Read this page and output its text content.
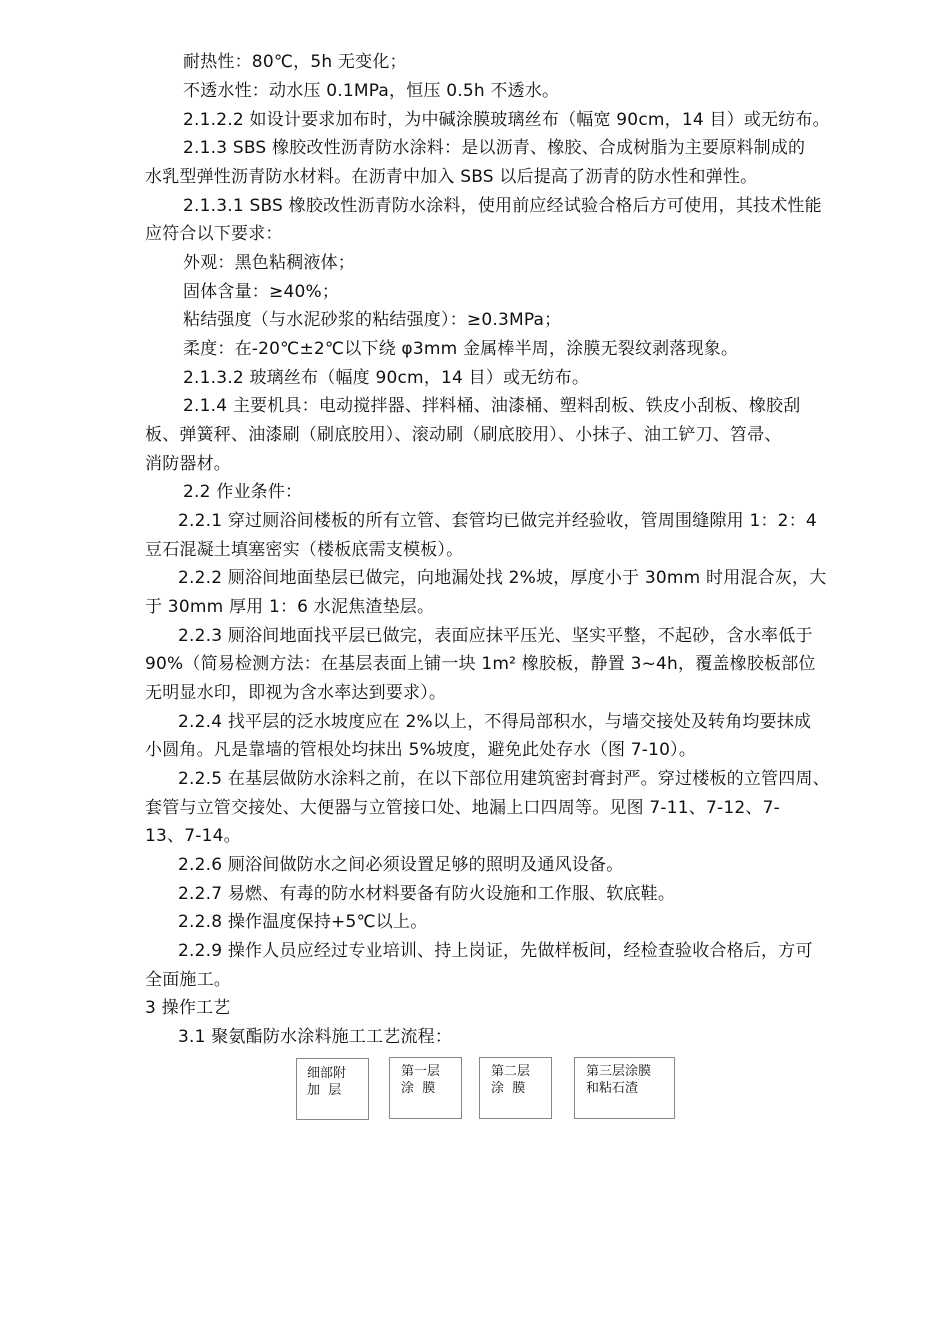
耐热性：80℃，5h 无变化；
不透水性：动水压 0.1MPa，恒压 0.5h 不透水。
2.1.2.2 如设计要求加布时，为中碱涂膜玻璃丝布（幅宽 90cm，14 目）或无纺布。
2.1.3 SBS 橡胶改性沥青防水涂料：是以沥青、橡胶、合成树脂为主要原料制成的
水乳型弹性沥青防水材料。在沥青中加入 SBS 以后提高了沥青的防水性和弹性。
2.1.3.1 SBS 橡胶改性沥青防水涂料，使用前应经试验合格后方可使用，其技术性能
应符合以下要求：
外观：黑色粘稠液体；
固体含量：≥40%；
粘结强度（与水泥砂浆的粘结强度）：≥0.3MPa；
柔度：在-20℃±2℃以下绕 φ3mm 金属棒半周，涂膜无裂纹剥落现象。
2.1.3.2 玻璃丝布（幅度 90cm，14 目）或无纺布。
2.1.4 主要机具：电动搅拌器、拌料桶、油漆桶、塑料刮板、铁皮小刮板、橡胶刮
板、弹簧秤、油漆刷（刷底胶用）、滚动刷（刷底胶用）、小抹子、油工铲刀、笤帚、
消防器材。
2.2 作业条件：
2.2.1 穿过厕浴间楼板的所有立管、套管均已做完并经验收，管周围缝隙用 1：2：4
豆石混凝土填塞密实（楼板底需支模板）。
2.2.2 厕浴间地面垫层已做完，向地漏处找 2%坡，厚度小于 30mm 时用混合灰，大
于 30mm 厚用 1：6 水泥焦渣垫层。
2.2.3 厕浴间地面找平层已做完，表面应抹平压光、坚实平整，不起砂，含水率低于
90%（简易检测方法：在基层表面上铺一块 1m² 橡胶板，静置 3~4h，覆盖橡胶板部位
无明显水印，即视为含水率达到要求）。
2.2.4 找平层的泛水坡度应在 2%以上，不得局部积水，与墙交接处及转角均要抹成
小圆角。凡是靠墙的管根处均抹出 5%坡度，避免此处存水（图 7-10）。
2.2.5 在基层做防水涂料之前，在以下部位用建筑密封膏封严。穿过楼板的立管四周、
套管与立管交接处、大便器与立管接口处、地漏上口四周等。见图 7-11、7-12、7-
13、7-14。
2.2.6 厕浴间做防水之间必须设置足够的照明及通风设备。
2.2.7 易燃、有毒的防水材料要备有防火设施和工作服、软底鞋。
2.2.8 操作温度保持+5℃以上。
2.2.9 操作人员应经过专业培训、持上岗证，先做样板间，经检查验收合格后，方可
全面施工。
3 操作工艺
3.1 聚氨酯防水涂料施工工艺流程：
细部附
加  层
第一层
涂  膜
第二层
涂  膜
第三层涂膜
和粘石渣
